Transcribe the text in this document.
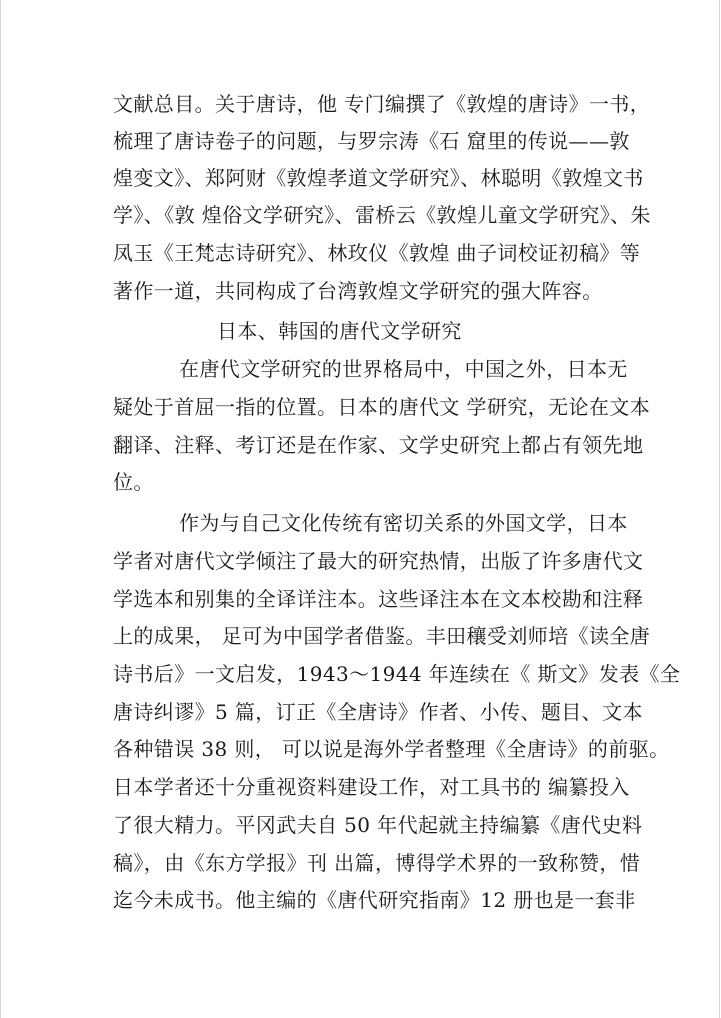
文献总目。关于唐诗，他 专门编撰了《敦煌的唐诗》一书，
梳理了唐诗卷子的问题，与罗宗涛《石 窟里的传说——敦
煌变文》、郑阿财《敦煌孝道文学研究》、林聪明《敦煌文书
学》、《敦 煌俗文学研究》、雷桥云《敦煌儿童文学研究》、朱
凤玉《王梵志诗研究》、林玫仪《敦煌 曲子词校证初稿》等
著作一道，共同构成了台湾敦煌文学研究的强大阵容。
日本、韩国的唐代文学研究
在唐代文学研究的世界格局中，中国之外，日本无
疑处于首屈一指的位置。日本的唐代文 学研究，无论在文本
翻译、注释、考订还是在作家、文学史研究上都占有领先地
位。
作为与自己文化传统有密切关系的外国文学，日本
学者对唐代文学倾注了最大的研究热情，出版了许多唐代文
学选本和别集的全译详注本。这些译注本在文本校勘和注释
上的成果， 足可为中国学者借鉴。丰田穰受刘师培《读全唐
诗书后》一文启发，1943～1944 年连续在《 斯文》发表《全
唐诗纠谬》5 篇，订正《全唐诗》作者、小传、题目、文本
各种错误 38 则， 可以说是海外学者整理《全唐诗》的前驱。
日本学者还十分重视资料建设工作，对工具书的 编纂投入
了很大精力。平冈武夫自 50 年代起就主持编纂《唐代史料
稿》，由《东方学报》刊 出篇，博得学术界的一致称赞，惜
迄今未成书。他主编的《唐代研究指南》12 册也是一套非
